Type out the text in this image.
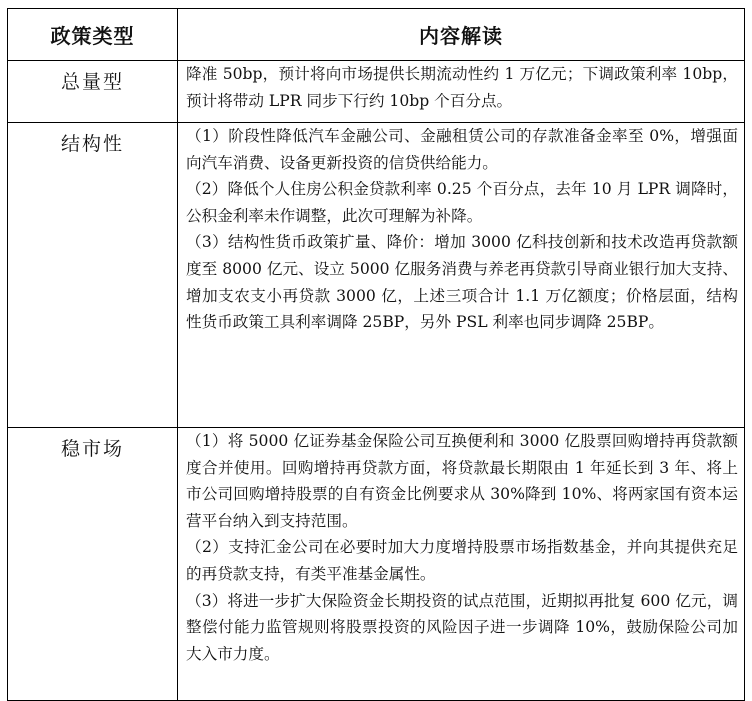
政策类型	内容解读
总量型	降准 50bp，预计将向市场提供长期流动性约 1 万亿元；下调政策利率 10bp，预计将带动 LPR 同步下行约 10bp 个百分点。

结构性	（1）阶段性降低汽车金融公司、金融租赁公司的存款准备金率至 0%，增强面向汽车消费、设备更新投资的信贷供给能力。

（2）降低个人住房公积金贷款利率 0.25 个百分点，去年 10 月 LPR 调降时，公积金利率未作调整，此次可理解为补降。

（3）结构性货币政策扩量、降价：增加 3000 亿科技创新和技术改造再贷款额度至 8000 亿元、设立 5000 亿服务消费与养老再贷款引导商业银行加大支持、增加支农支小再贷款 3000 亿，上述三项合计 1.1 万亿额度；价格层面，结构性货币政策工具利率调降 25BP，另外 PSL 利率也同步调降 25BP。

稳市场	（1）将 5000 亿证券基金保险公司互换便利和 3000 亿股票回购增持再贷款额度合并使用。回购增持再贷款方面，将贷款最长期限由 1 年延长到 3 年、将上市公司回购增持股票的自有资金比例要求从 30%降到 10%、将两家国有资本运营平台纳入到支持范围。

（2）支持汇金公司在必要时加大力度增持股票市场指数基金，并向其提供充足的再贷款支持，有类平准基金属性。

（3）将进一步扩大保险资金长期投资的试点范围，近期拟再批复 600 亿元，调整偿付能力监管规则将股票投资的风险因子进一步调降 10%，鼓励保险公司加大入市力度。
